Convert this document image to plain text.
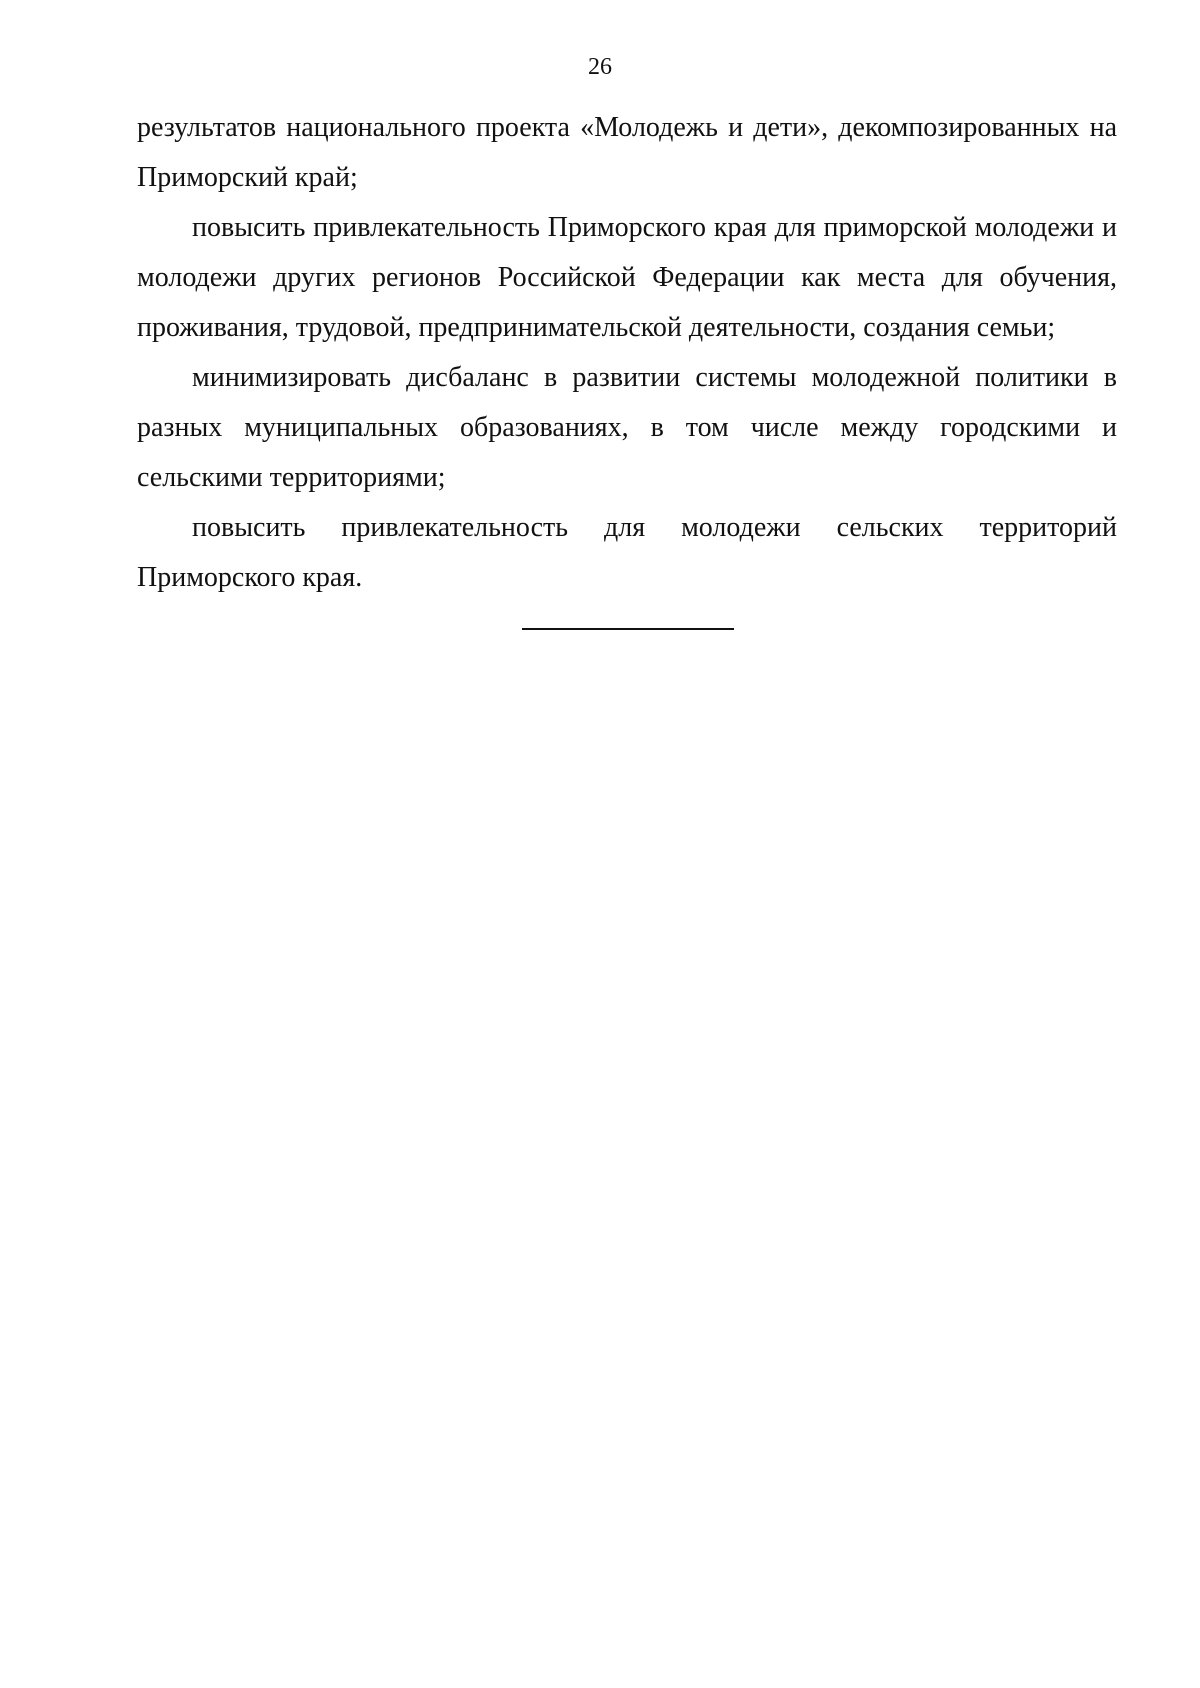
26

результатов национального проекта «Молодежь и дети», декомпозированных на Приморский край;

повысить привлекательность Приморского края для приморской молодежи и молодежи других регионов Российской Федерации как места для обучения, проживания, трудовой, предпринимательской деятельности, создания семьи;

минимизировать дисбаланс в развитии системы молодежной политики в разных муниципальных образованиях, в том числе между городскими и сельскими территориями;

повысить привлекательность для молодежи сельских территорий Приморского края.
